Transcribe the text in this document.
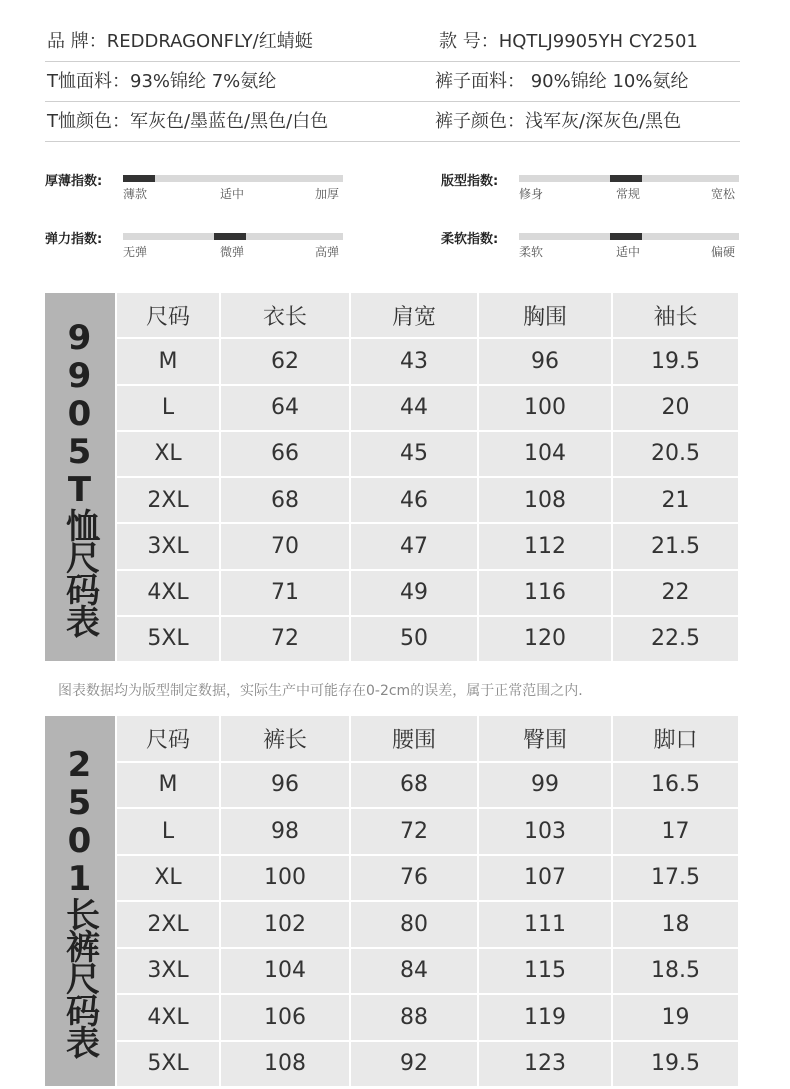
品 牌：REDDRAGONFLY/红蜻蜓	款 号：HQTLJ9905YH CY2501
T恤面料：93%锦纶 7%氨纶	裤子面料： 90%锦纶 10%氨纶
T恤颜色：军灰色/墨蓝色/黑色/白色	裤子颜色：浅军灰/深灰色/黑色
厚薄指数:
薄款	适中	加厚
版型指数:
修身	常规	宽松
弹力指数:
无弹	微弹	高弹
柔软指数:
柔软	适中	偏硬
9905T恤尺码表
尺码	衣长	肩宽	胸围	袖长
M	62	43	96	19.5
L	64	44	100	20
XL	66	45	104	20.5
2XL	68	46	108	21
3XL	70	47	112	21.5
4XL	71	49	116	22
5XL	72	50	120	22.5
图表数据均为版型制定数据，实际生产中可能存在0-2cm的误差，属于正常范围之内.
2501长裤尺码表
尺码	裤长	腰围	臀围	脚口
M	96	68	99	16.5
L	98	72	103	17
XL	100	76	107	17.5
2XL	102	80	111	18
3XL	104	84	115	18.5
4XL	106	88	119	19
5XL	108	92	123	19.5
